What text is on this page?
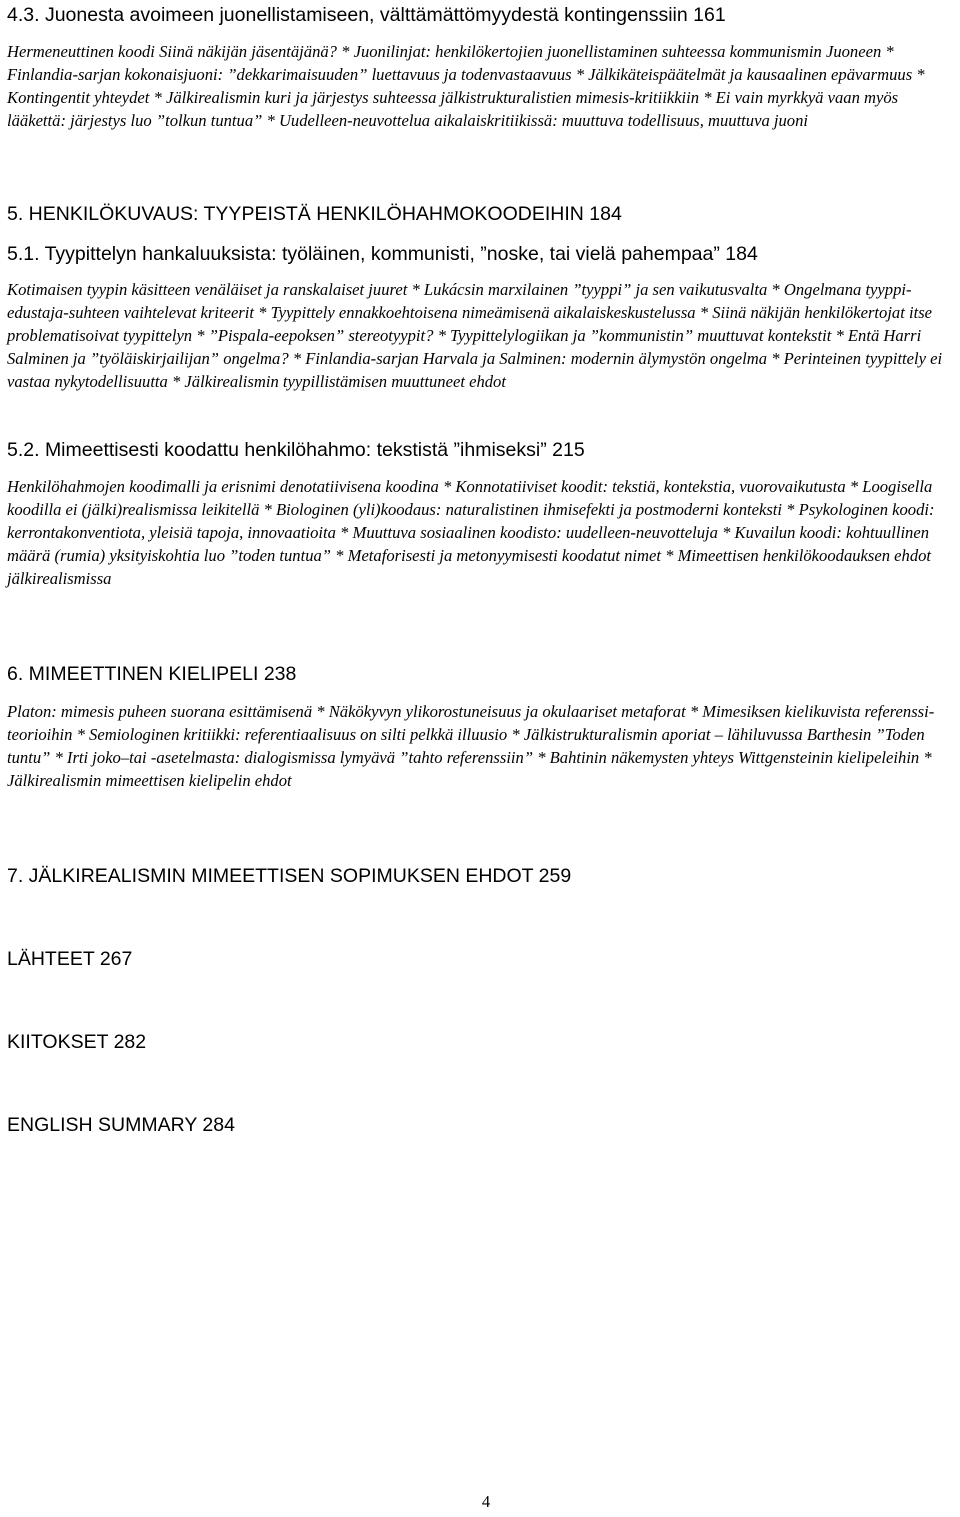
4.3. Juonesta avoimeen juonellistamiseen, välttämättömyydestä kontingenssiin 161
Hermeneuttinen koodi Siinä näkijän jäsentäjänä? * Juonilinjat: henkilökertojien juonellistaminen suhteessa kommunismin Juoneen * Finlandia-sarjan kokonaisjuoni: ”dekkarimaisuuden” luettavuus ja todenvastaavuus * Jälkikäteispäätelmät ja kausaalinen epävarmuus * Kontingentit yhteydet * Jälkirealismin kuri ja järjestys suhteessa jälkistrukturalistien mimesis-kritiikkiin * Ei vain myrkkyä vaan myös lääkettä: järjestys luo ”tolkun tuntua” * Uudelleen-neuvottelua aikalaiskritiikissä: muuttuva todellisuus, muuttuva juoni
5. HENKILÖKUVAUS: TYYPEISTÄ HENKILÖHAHMOKOODEIHIN 184
5.1. Tyypittelyn hankaluuksista: työläinen, kommunisti, ”noske, tai vielä pahempaa” 184
Kotimaisen tyypin käsitteen venäläiset ja ranskalaiset juuret * Lukácsin marxilainen ”tyyppi” ja sen vaikutusvalta * Ongelmana tyyppi-edustaja-suhteen vaihtelevat kriteerit * Tyypittely ennakkoehtoisena nimeämisenä aikalaiskeskustelussa * Siinä näkijän henkilökertojat itse problematisoivat tyypittelyn * ”Pispala-eepoksen” stereotyypit? * Tyypittelylogiikan ja ”kommunistin” muuttuvat kontekstit * Entä Harri Salminen ja ”työläiskirjailijan” ongelma? * Finlandia-sarjan Harvala ja Salminen: modernin älymystön ongelma * Perinteinen tyypittely ei vastaa nykytodellisuutta * Jälkirealismin tyypillistämisen muuttuneet ehdot
5.2. Mimeettisesti koodattu henkilöhahmo: tekstistä ”ihmiseksi” 215
Henkilöhahmojen koodimalli ja erisnimi denotatiivisena koodina * Konnotatiiviset koodit: tekstiä, kontekstia, vuorovaikutusta * Loogisella koodilla ei (jälki)realismissa leikitellä * Biologinen (yli)koodaus: naturalistinen ihmisefekti ja postmoderni konteksti * Psykologinen koodi: kerrontakonventiota, yleisiä tapoja, innovaatioita * Muuttuva sosiaalinen koodisto: uudelleen-neuvotteluja * Kuvailun koodi: kohtuullinen määrä (rumia) yksityiskohtia luo ”toden tuntua” * Metaforisesti ja metonyymisesti koodatut nimet * Mimeettisen henkilökoodauksen ehdot jälkirealismissa
6. MIMEETTINEN KIELIPELI 238
Platon: mimesis puheen suorana esittämisenä * Näkökyvyn ylikorostuneisuus ja okulaariset metaforat * Mimesiksen kielikuvista referenssi-teorioihin * Semiologinen kritiikki: referentiaalisuus on silti pelkkä illuusio * Jälkistrukturalismin aporiat – lähiluvussa Barthesin ”Toden tuntu” * Irti joko–tai -asetelmasta: dialogismissa lymyävä ”tahto referenssiin” * Bahtinin näkemysten yhteys Wittgensteinin kielipeleihin * Jälkirealismin mimeettisen kielipelin ehdot
7. JÄLKIREALISMIN MIMEETTISEN SOPIMUKSEN EHDOT 259
LÄHTEET 267
KIITOKSET 282
ENGLISH SUMMARY 284
4
